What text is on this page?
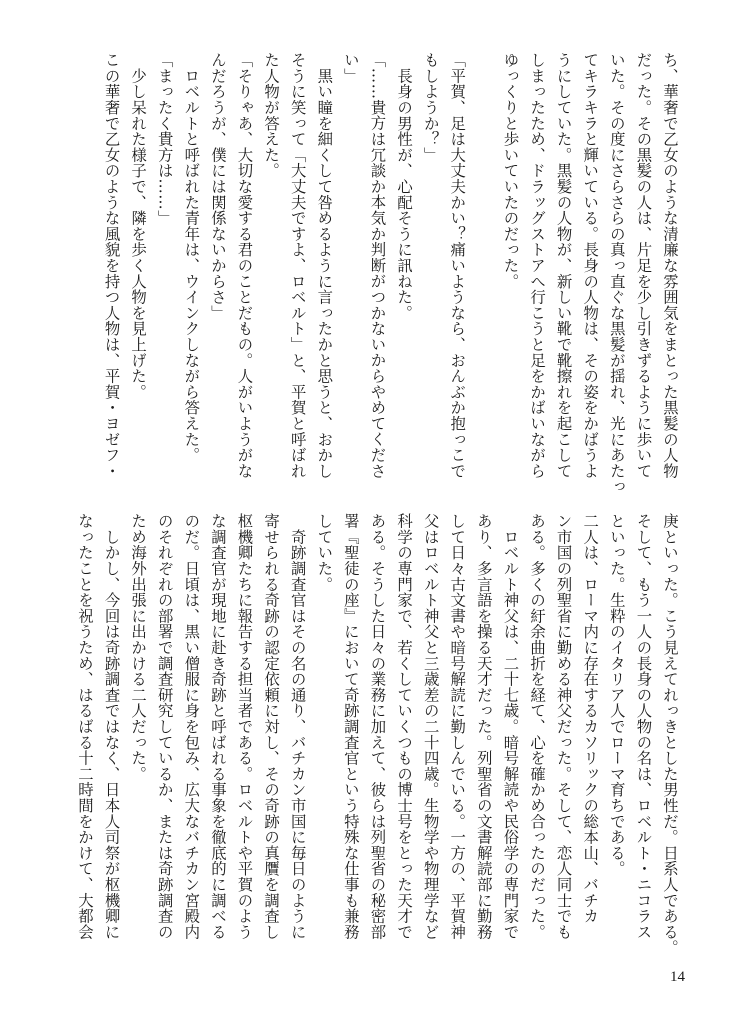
ち、華奢で乙女のような清廉な雰囲気をまとった黒髪の人物
だった。その黒髪の人は、片足を少し引きずるように歩いて
いた。その度にさらさらの真っ直ぐな黒髪が揺れ、光にあたっ
てキラキラと輝いている。長身の人物は、その姿をかばうよ
うにしていた。黒髪の人物が、新しい靴で靴擦れを起こして
しまったため、ドラッグストアへ行こうと足をかばいながら
ゆっくりと歩いていたのだった。
「平賀、足は大丈夫かい？痛いようなら、おんぶか抱っこで
もしようか？」
　長身の男性が、心配そうに訊ねた。
「……貴方は冗談か本気か判断がつかないからやめてくださ
い」
　黒い瞳を細くして咎めるように言ったかと思うと、おかし
そうに笑って「大丈夫ですよ、ロベルト」と、平賀と呼ばれ
た人物が答えた。
「そりゃあ、大切な愛する君のことだもの。人がいようがな
んだろうが、僕には関係ないからさ」
　ロベルトと呼ばれた青年は、ウインクしながら答えた。
「まったく貴方は……」
　少し呆れた様子で、隣を歩く人物を見上げた。
この華奢で乙女のような風貌を持つ人物は、平賀・ヨゼフ・
庚といった。こう見えてれっきとした男性だ。日系人である。
そして、もう一人の長身の人物の名は、ロベルト・ニコラス
といった。生粋のイタリア人でローマ育ちである。
二人は、ローマ内に存在するカソリックの総本山、バチカ
ン市国の列聖省に勤める神父だった。そして、恋人同士でも
ある。多くの紆余曲折を経て、心を確かめ合ったのだった。
　ロベルト神父は、二十七歳。暗号解読や民俗学の専門家で
あり、多言語を操る天才だった。列聖省の文書解読部に勤務
して日々古文書や暗号解読に勤しんでいる。一方の、平賀神
父はロベルト神父と三歳差の二十四歳。生物学や物理学など
科学の専門家で、若くしていくつもの博士号をとった天才で
ある。そうした日々の業務に加えて、彼らは列聖省の秘密部
署『聖徒の座』において奇跡調査官という特殊な仕事も兼務
していた。
　奇跡調査官はその名の通り、バチカン市国に毎日のように
寄せられる奇跡の認定依頼に対し、その奇跡の真贋を調査し
枢機卿たちに報告する担当者である。ロベルトや平賀のよう
な調査官が現地に赴き奇跡と呼ばれる事象を徹底的に調べる
のだ。日頃は、黒い僧服に身を包み、広大なバチカン宮殿内
のそれぞれの部署で調査研究しているか、または奇跡調査の
ため海外出張に出かける二人だった。
　しかし、今回は奇跡調査ではなく、日本人司祭が枢機卿に
なったことを祝うため、はるばる十二時間をかけて、大都会
14
